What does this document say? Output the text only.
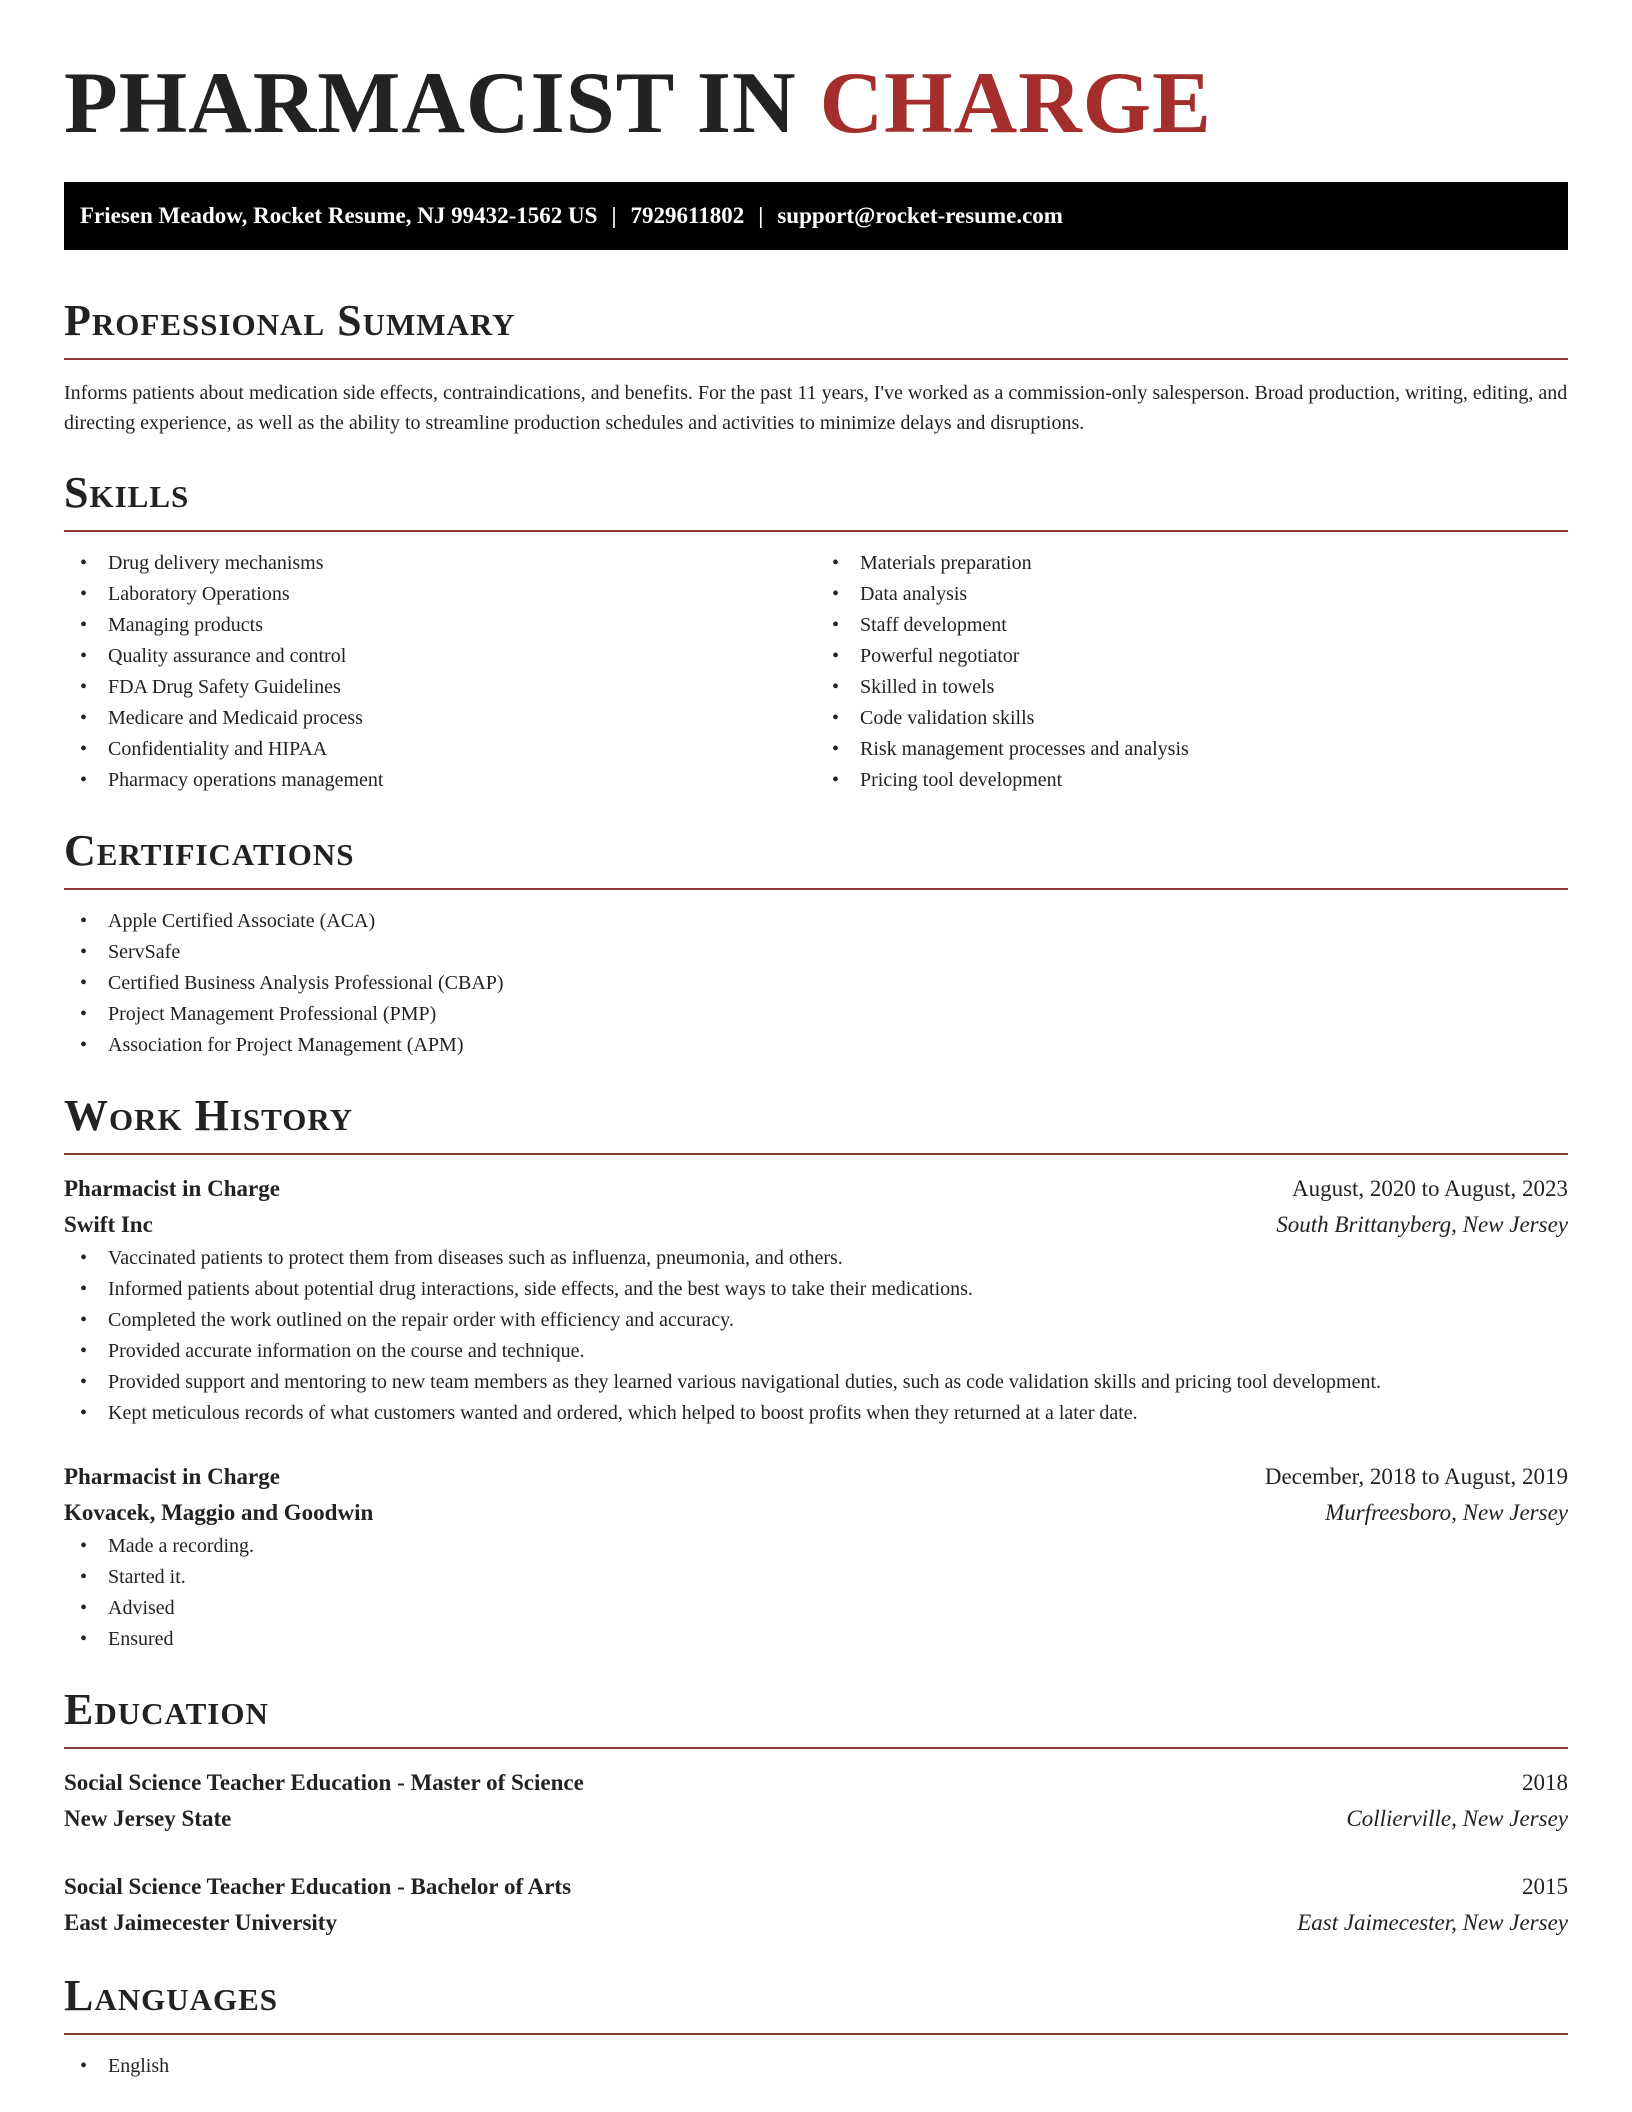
PHARMACIST IN CHARGE
Friesen Meadow, Rocket Resume, NJ 99432-1562 US | 7929611802 | support@rocket-resume.com
Professional Summary

Informs patients about medication side effects, contraindications, and benefits. For the past 11 years, I've worked as a commission-only salesperson. Broad production, writing, editing, and directing experience, as well as the ability to streamline production schedules and activities to minimize delays and disruptions.

Skills
• Drug delivery mechanisms
• Laboratory Operations
• Managing products
• Quality assurance and control
• FDA Drug Safety Guidelines
• Medicare and Medicaid process
• Confidentiality and HIPAA
• Pharmacy operations management
• Materials preparation
• Data analysis
• Staff development
• Powerful negotiator
• Skilled in towels
• Code validation skills
• Risk management processes and analysis
• Pricing tool development
Certifications
• Apple Certified Associate (ACA)
• ServSafe
• Certified Business Analysis Professional (CBAP)
• Project Management Professional (PMP)
• Association for Project Management (APM)
Work History
Pharmacist in Charge	August, 2020 to August, 2023
Swift Inc	South Brittanyberg, New Jersey
• Vaccinated patients to protect them from diseases such as influenza, pneumonia, and others.
• Informed patients about potential drug interactions, side effects, and the best ways to take their medications.
• Completed the work outlined on the repair order with efficiency and accuracy.
• Provided accurate information on the course and technique.
• Provided support and mentoring to new team members as they learned various navigational duties, such as code validation skills and pricing tool development.
• Kept meticulous records of what customers wanted and ordered, which helped to boost profits when they returned at a later date.
Pharmacist in Charge	December, 2018 to August, 2019
Kovacek, Maggio and Goodwin	Murfreesboro, New Jersey
• Made a recording.
• Started it.
• Advised
• Ensured
Education
Social Science Teacher Education - Master of Science	2018
New Jersey State	Collierville, New Jersey
Social Science Teacher Education - Bachelor of Arts	2015
East Jaimecester University	East Jaimecester, New Jersey
Languages
• English
